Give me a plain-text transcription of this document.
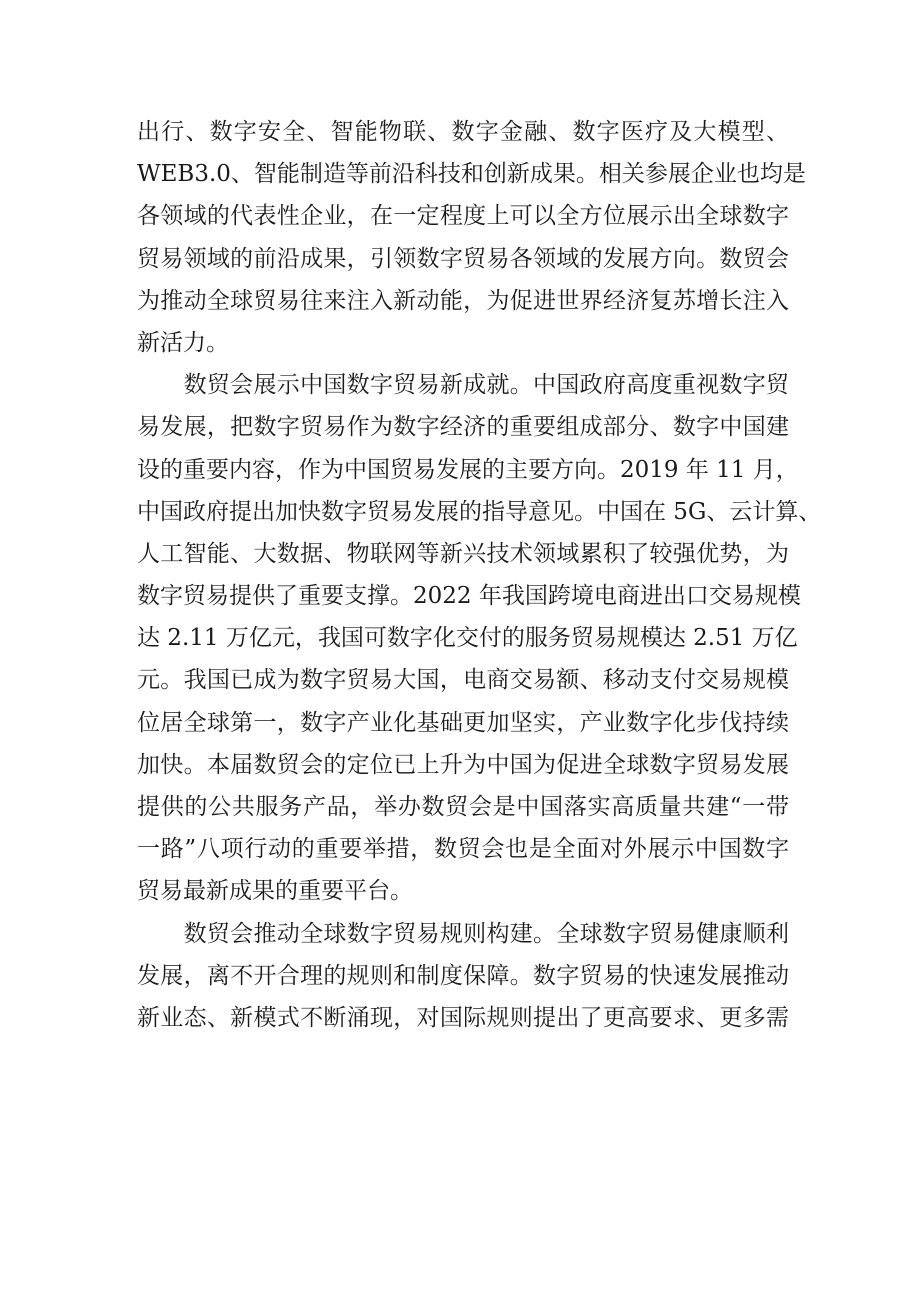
出行、数字安全、智能物联、数字金融、数字医疗及大模型、
WEB3.0、智能制造等前沿科技和创新成果。相关参展企业也均是
各领域的代表性企业，在一定程度上可以全方位展示出全球数字
贸易领域的前沿成果，引领数字贸易各领域的发展方向。数贸会
为推动全球贸易往来注入新动能，为促进世界经济复苏增长注入
新活力。
　　数贸会展示中国数字贸易新成就。中国政府高度重视数字贸
易发展，把数字贸易作为数字经济的重要组成部分、数字中国建
设的重要内容，作为中国贸易发展的主要方向。2019 年 11 月，
中国政府提出加快数字贸易发展的指导意见。中国在 5G、云计算、
人工智能、大数据、物联网等新兴技术领域累积了较强优势，为
数字贸易提供了重要支撑。2022 年我国跨境电商进出口交易规模
达 2.11 万亿元，我国可数字化交付的服务贸易规模达 2.51 万亿
元。我国已成为数字贸易大国，电商交易额、移动支付交易规模
位居全球第一，数字产业化基础更加坚实，产业数字化步伐持续
加快。本届数贸会的定位已上升为中国为促进全球数字贸易发展
提供的公共服务产品，举办数贸会是中国落实高质量共建“一带
一路”八项行动的重要举措，数贸会也是全面对外展示中国数字
贸易最新成果的重要平台。
　　数贸会推动全球数字贸易规则构建。全球数字贸易健康顺利
发展，离不开合理的规则和制度保障。数字贸易的快速发展推动
新业态、新模式不断涌现，对国际规则提出了更高要求、更多需
